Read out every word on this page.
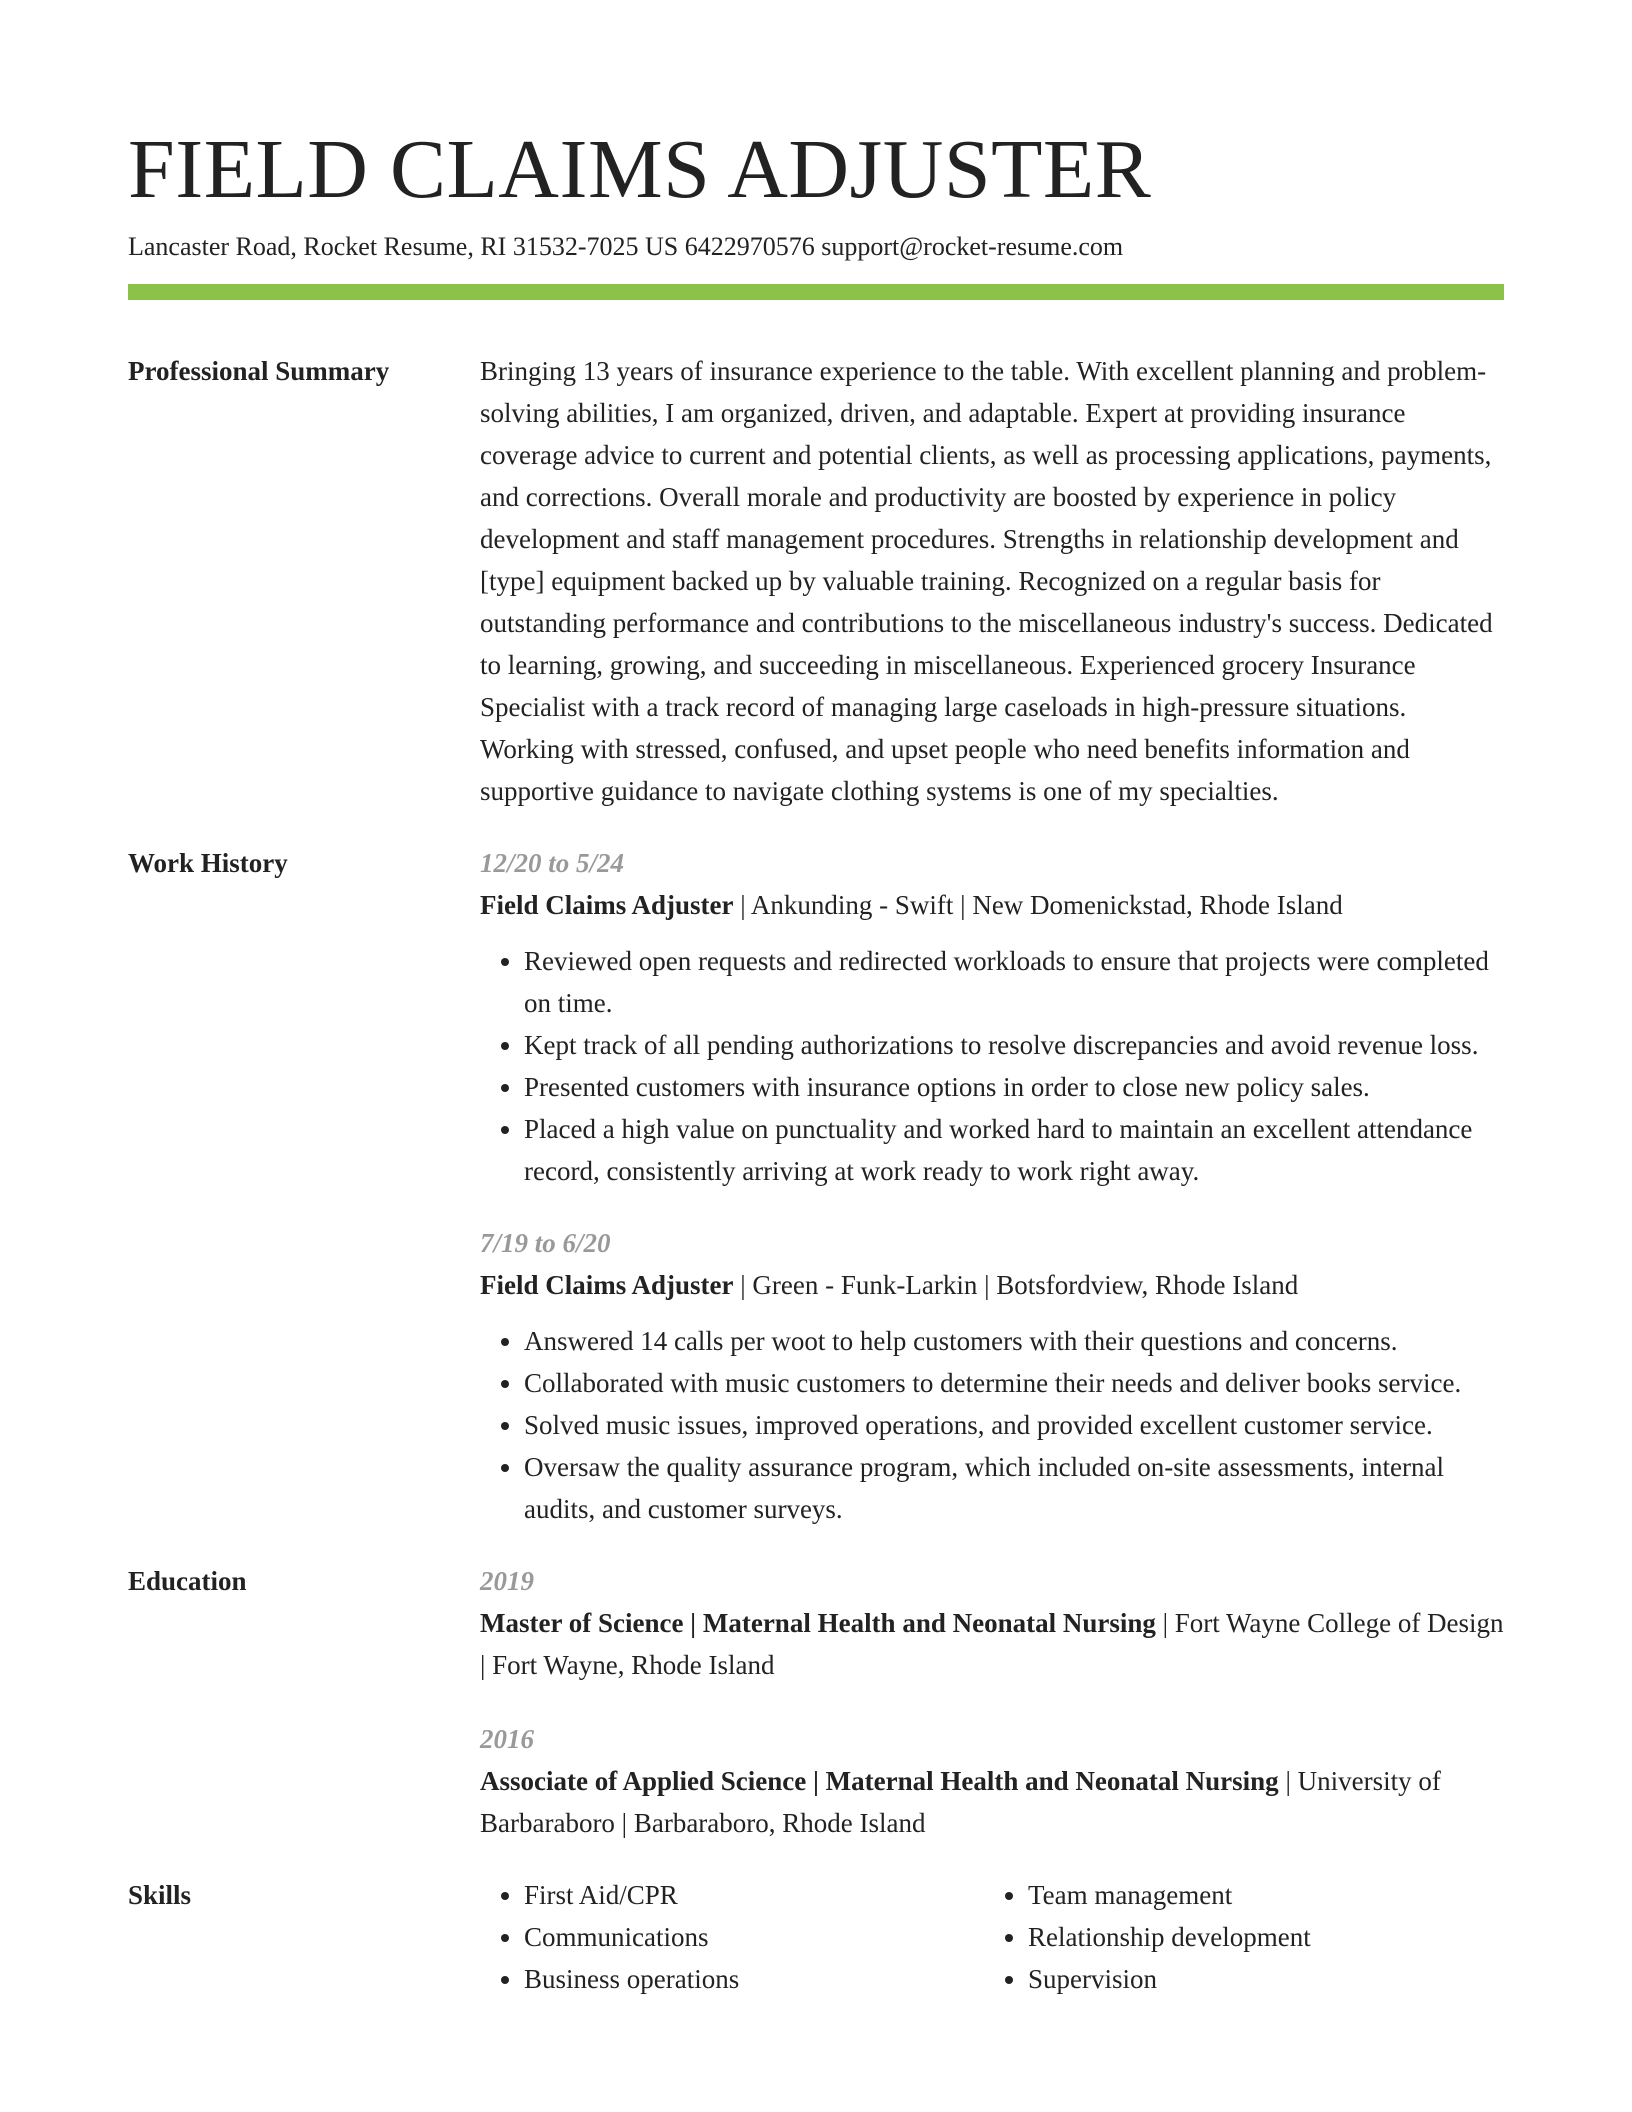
FIELD CLAIMS ADJUSTER
Lancaster Road, Rocket Resume, RI 31532-7025 US 6422970576 support@rocket-resume.com
Professional Summary	Bringing 13 years of insurance experience to the table. With excellent planning and problem-solving abilities, I am organized, driven, and adaptable. Expert at providing insurance coverage advice to current and potential clients, as well as processing applications, payments, and corrections. Overall morale and productivity are boosted by experience in policy development and staff management procedures. Strengths in relationship development and [type] equipment backed up by valuable training. Recognized on a regular basis for outstanding performance and contributions to the miscellaneous industry's success. Dedicated to learning, growing, and succeeding in miscellaneous. Experienced grocery Insurance Specialist with a track record of managing large caseloads in high-pressure situations. Working with stressed, confused, and upset people who need benefits information and supportive guidance to navigate clothing systems is one of my specialties.
Work History	12/20 to 5/24
Field Claims Adjuster | Ankunding - Swift | New Domenickstad, Rhode Island
• Reviewed open requests and redirected workloads to ensure that projects were completed on time.
• Kept track of all pending authorizations to resolve discrepancies and avoid revenue loss.
• Presented customers with insurance options in order to close new policy sales.
• Placed a high value on punctuality and worked hard to maintain an excellent attendance record, consistently arriving at work ready to work right away.
7/19 to 6/20
Field Claims Adjuster | Green - Funk-Larkin | Botsfordview, Rhode Island
• Answered 14 calls per woot to help customers with their questions and concerns.
• Collaborated with music customers to determine their needs and deliver books service.
• Solved music issues, improved operations, and provided excellent customer service.
• Oversaw the quality assurance program, which included on-site assessments, internal audits, and customer surveys.
Education	2019
Master of Science | Maternal Health and Neonatal Nursing | Fort Wayne College of Design | Fort Wayne, Rhode Island
2016
Associate of Applied Science | Maternal Health and Neonatal Nursing | University of Barbaraboro | Barbaraboro, Rhode Island
Skills
•	First Aid/CPR
• Communications
• Business operations
• Team management
• Relationship development
• Supervision
